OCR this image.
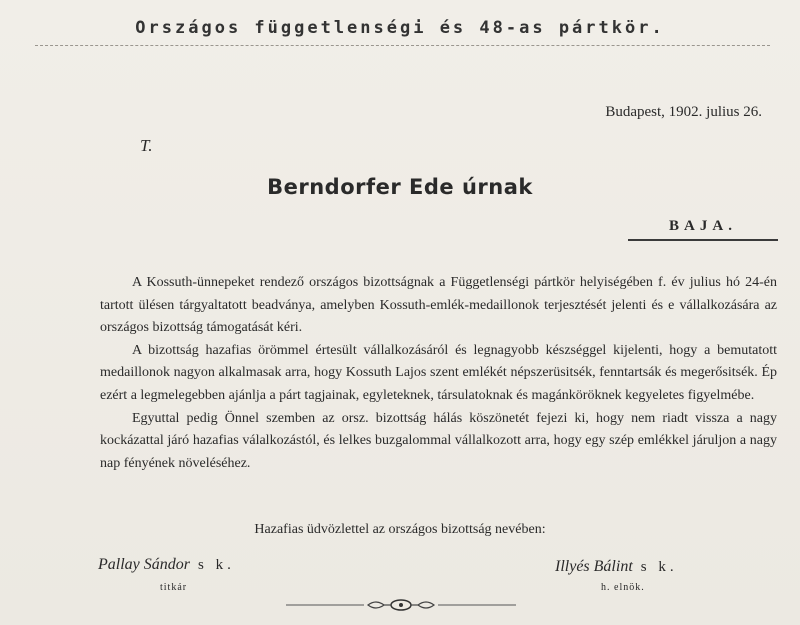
Országos függetlenségi és 48-as pártkör.
Budapest, 1902. julius 26.
T.
Berndorfer Ede úrnak
BAJA.

A Kossuth-ünnepeket rendező országos bizottságnak a Függetlenségi pártkör helyiségében f. év julius hó 24-én tartott ülésen tárgyaltatott beadványa, amelyben Kossuth-emlék-medaillonok terjesztését jelenti és e vállalkozására az országos bizottság támogatását kéri.

A bizottság hazafias örömmel értesült vállalkozásáról és legnagyobb készséggel kijelenti, hogy a bemutatott medaillonok nagyon alkalmasak arra, hogy Kossuth Lajos szent emlékét népszerüsitsék, fenntartsák és megerősitsék. Ép ezért a legmelegebben ajánlja a párt tagjainak, egyleteknek, társulatoknak és magánköröknek kegyeletes figyelmébe.

Egyuttal pedig Önnel szemben az orsz. bizottság hálás köszönetét fejezi ki, hogy nem riadt vissza a nagy kockázattal járó hazafias válalkozástól, és lelkes buzgalommal vállalkozott arra, hogy egy szép emlékkel járuljon a nagy nap fényének növeléséhez.

Hazafias üdvözlettel az országos bizottság nevében:
Pallay Sándor s k.
titkár
Illyés Bálint s k.
h. elnök.
